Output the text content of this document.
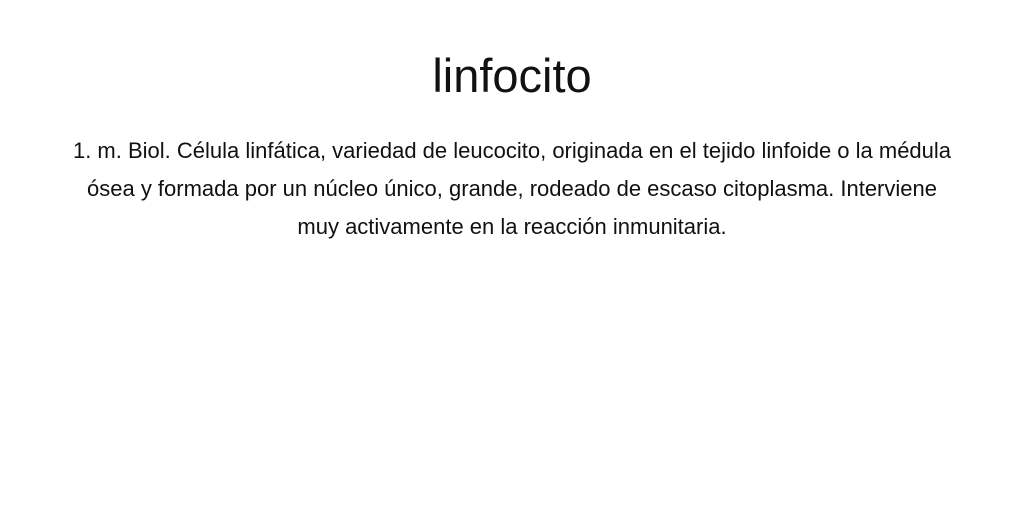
linfocito

1. m. Biol. Célula linfática, variedad de leucocito, originada en el tejido linfoide o la médula ósea y formada por un núcleo único, grande, rodeado de escaso citoplasma. Interviene muy activamente en la reacción inmunitaria.
